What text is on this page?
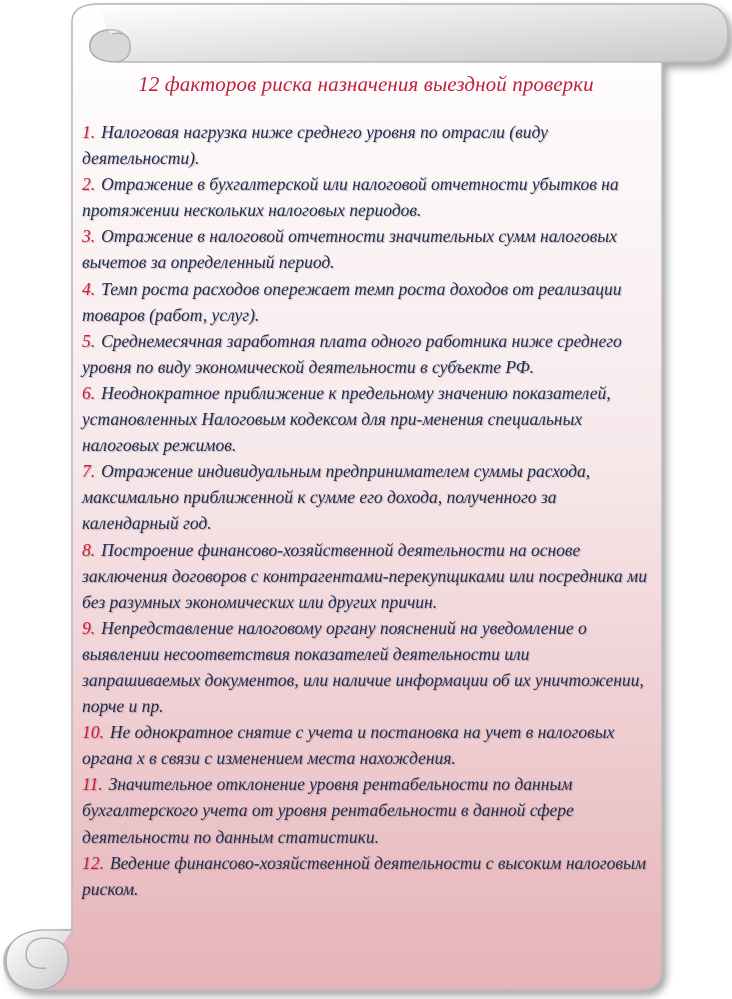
12 факторов риска назначения выездной проверки
1. Налоговая нагрузка ниже среднего уровня по отрасли (виду деятельности).
2. Отражение в бухгалтерской или налоговой отчетности убытков на протяжении нескольких налоговых периодов.
3. Отражение в налоговой отчетности значительных сумм налоговых вычетов за определенный период.
4. Темп роста расходов опережает темп роста доходов от реализации товаров (работ, услуг).
5. Среднемесячная заработная плата одного работника ниже среднего уровня по виду экономической деятельности в субъекте РФ.
6. Неоднократное приближение к предельному значению показателей, установленных Налоговым кодексом для при-менения специальных налоговых режимов.
7. Отражение индивидуальным предпринимателем суммы расхода, максимально приближенной к сумме его дохода, полученного за календарный год.
8. Построение финансово-хозяйственной деятельности на основе заключения договоров с контрагентами-перекупщиками или посредника ми без разумных экономических или других причин.
9. Непредставление налоговому органу пояснений на уведомление о выявлении несоответствия показателей деятельности или запрашиваемых документов, или наличие информации об их уничтожении, порче и пр.
10. Не однократное снятие с учета и постановка на учет в налоговых органа х в связи с изменением места нахождения.
11. Значительное отклонение уровня рентабельности по данным бухгалтерского учета от уровня рентабельности в данной сфере деятельности по данным статистики.
12. Ведение финансово-хозяйственной деятельности с высоким налоговым риском.
